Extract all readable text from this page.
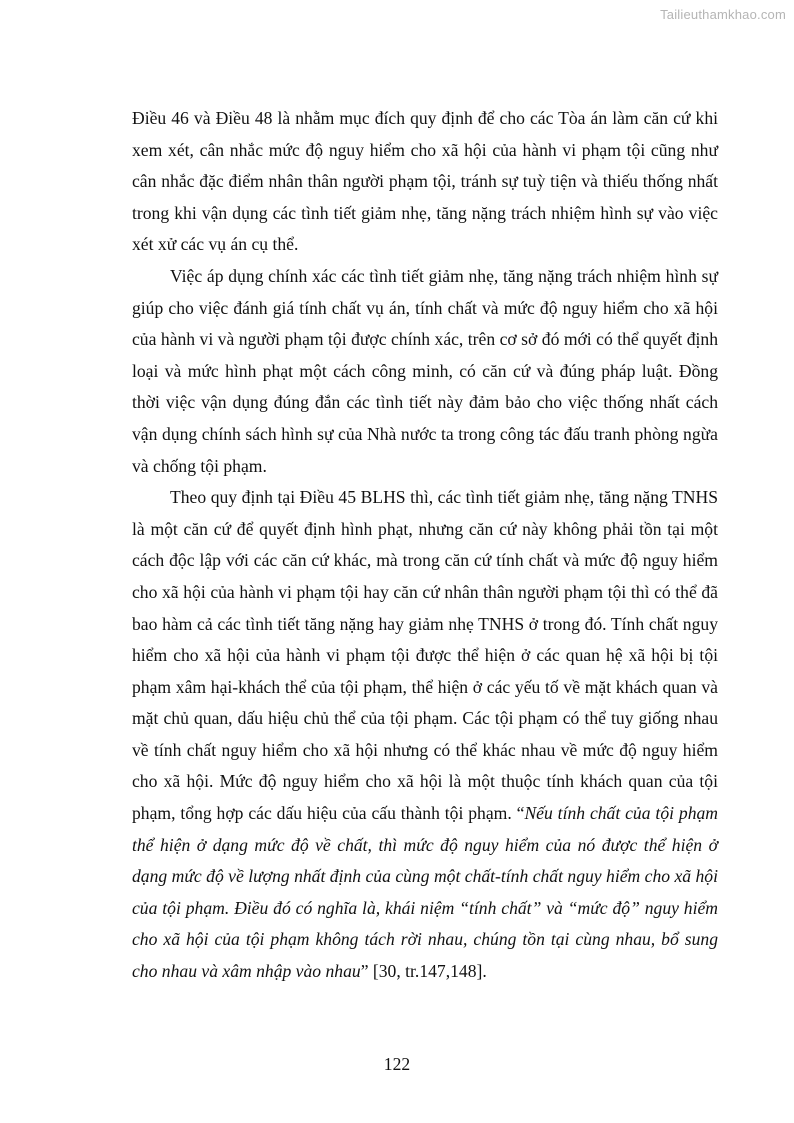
Tailieuthamkhao.com

Điều 46 và Điều 48 là nhằm mục đích quy định để cho các Tòa án làm căn cứ khi xem xét, cân nhắc mức độ nguy hiểm cho xã hội của hành vi phạm tội cũng như cân nhắc đặc điểm nhân thân người phạm tội, tránh sự tuỳ tiện và thiếu thống nhất trong khi vận dụng các tình tiết giảm nhẹ, tăng nặng trách nhiệm hình sự vào việc xét xử các vụ án cụ thể.

Việc áp dụng chính xác các tình tiết giảm nhẹ, tăng nặng trách nhiệm hình sự giúp cho việc đánh giá tính chất vụ án, tính chất và mức độ nguy hiểm cho xã hội của hành vi và người phạm tội được chính xác, trên cơ sở đó mới có thể quyết định loại và mức hình phạt một cách công minh, có căn cứ và đúng pháp luật. Đồng thời việc vận dụng đúng đắn các tình tiết này đảm bảo cho việc thống nhất cách vận dụng chính sách hình sự của Nhà nước ta trong công tác đấu tranh phòng ngừa và chống tội phạm.

Theo quy định tại Điều 45 BLHS thì, các tình tiết giảm nhẹ, tăng nặng TNHS là một căn cứ để quyết định hình phạt, nhưng căn cứ này không phải tồn tại một cách độc lập với các căn cứ khác, mà trong căn cứ tính chất và mức độ nguy hiểm cho xã hội của hành vi phạm tội hay căn cứ nhân thân người phạm tội thì có thể đã bao hàm cả các tình tiết tăng nặng hay giảm nhẹ TNHS ở trong đó. Tính chất nguy hiểm cho xã hội của hành vi phạm tội được thể hiện ở các quan hệ xã hội bị tội phạm xâm hại-khách thể của tội phạm, thể hiện ở các yếu tố về mặt khách quan và mặt chủ quan, dấu hiệu chủ thể của tội phạm. Các tội phạm có thể tuy giống nhau về tính chất nguy hiểm cho xã hội nhưng có thể khác nhau về mức độ nguy hiểm cho xã hội. Mức độ nguy hiểm cho xã hội là một thuộc tính khách quan của tội phạm, tổng hợp các dấu hiệu của cấu thành tội phạm. “Nếu tính chất của tội phạm thể hiện ở dạng mức độ về chất, thì mức độ nguy hiểm của nó được thể hiện ở dạng mức độ về lượng nhất định của cùng một chất-tính chất nguy hiểm cho xã hội của tội phạm. Điều đó có nghĩa là, khái niệm “tính chất” và “mức độ” nguy hiểm cho xã hội của tội phạm không tách rời nhau, chúng tồn tại cùng nhau, bổ sung cho nhau và xâm nhập vào nhau” [30, tr.147,148].

122
